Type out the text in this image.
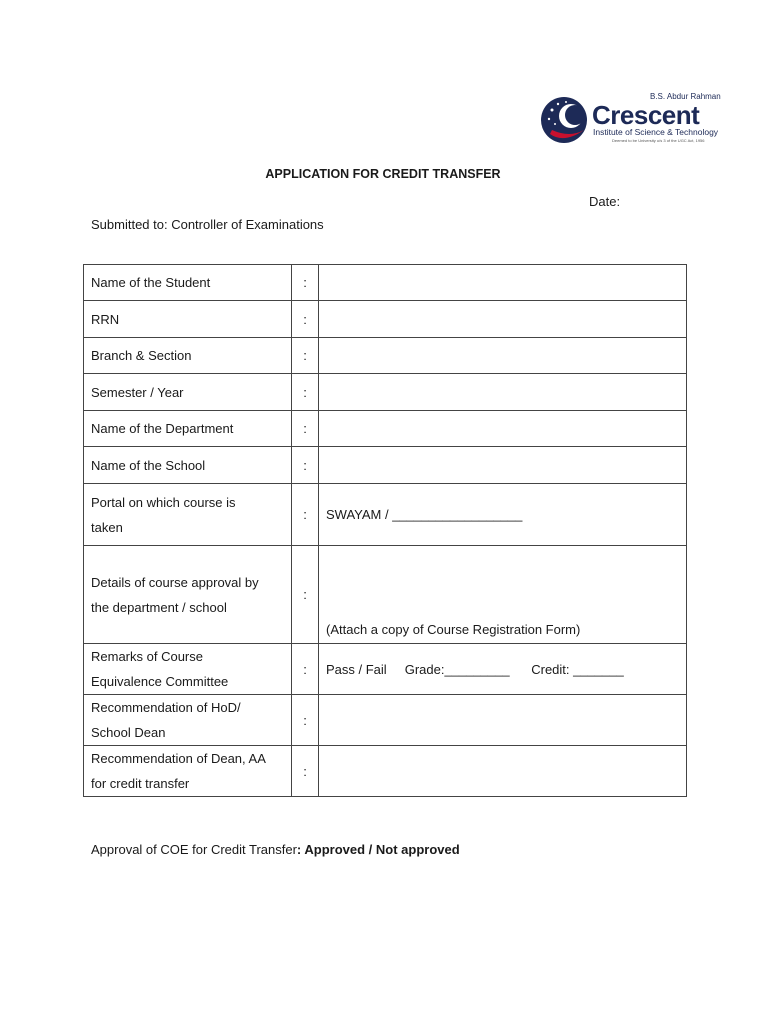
B.S. Abdur Rahman
Crescent
Institute of Science & Technology
Deemed to be University u/s 3 of the UGC Act, 1956
APPLICATION FOR CREDIT TRANSFER
Date:
Submitted to: Controller of Examinations
Name of the Student	:	
RRN	:	
Branch & Section	:	
Semester / Year	:	
Name of the Department	:	
Name of the School	:	
Portal on which course is
taken	:	SWAYAM / __________________
Details of course approval by
the department / school	:	(Attach a copy of Course Registration Form)
Remarks of Course
Equivalence Committee	:	Pass / Fail     Grade:_________      Credit: _______
Recommendation of HoD/
School Dean	:	
Recommendation of Dean, AA
for credit transfer	:	
Approval of COE for Credit Transfer: Approved / Not approved
